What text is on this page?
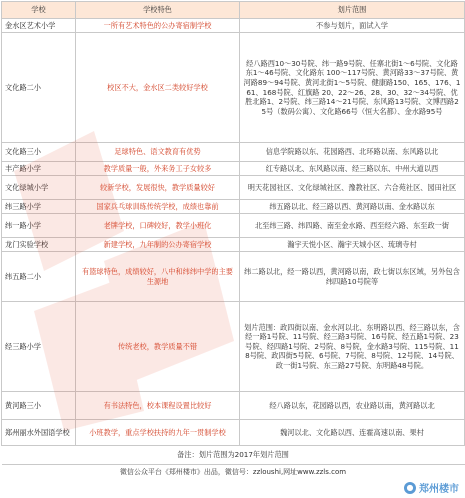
学校	学校特色	划片范围
金水区艺术小学	一所有艺术特色的公办寄宿制学校	不参与划片，面试入学
文化路二小	校区不大，金水区二类较好学校	经八路西10～30号院、纬一路9号院、任寨北街1～6号院、文化路东1～46号院、文化路东 100～117号院、黄河路33～37号院、黄河路89～94号院、黄河北街1～5号院、健康路150、165、176、161、168号院、红旗路 20、22～26、28、30、32～34号院、优胜北路1、2号院、纬三路14～21号院、东风路13号院、文博西路25号（数码公寓）、文化路66号（恒大名都）、金水路95号
文化路三小	足球特色、语文教育有优势	信息学院路以东、花园路西、北环路以南、东风路以北
丰产路小学	教学质量一般，外来务工子女较多	红专路以北、东风路以南、经三路以东、中州大道以西
文化绿城小学	较新学校，发展很快，教学质量较好	明天花园社区、文化绿城社区、豫教社区、六合苑社区、园田社区
纬三路小学	国家兵乓球训练传统学校，成绩也靠前	纬五路以北、经三路以西、黄河路以南、金水路以东
纬一路小学	老牌学校，口碑较好，教学小班化	北至纬三路、纬四路、南至金水路、西至经六路、东至政一街
龙门实验学校	新建学校，九年制的公办寄宿学校	瀚宇天悦小区、瀚宇天城小区、琉璃寺村
纬五路二小	有篮球特色，成绩较好，八中和纬纬中学的主要生源地	纬二路以北，经一路以西，黄河路以南，政七街以东区域，另外包含纬四路10号院等
经三路小学	传统老校，教学质量不错	划片范围：政四街以南、金水河以北、东明路以西、经三路以东，含经一路1号院、11号院、经三路3号院、16号院、经五路1号院、23号院、经四路1号院、2号院、8号院，金水路3号院、115号院、118号院、政四街5号院、6号院、7号院、8号院、12号院、14号院、政一街1号院、东三路27号院、东明路48号院。
黄河路三小	有书法特色，校本课程设置比较好	经八路以东，花园路以西，农业路以南，黄河路以北
郑州丽水外国语学校	小班教学，重点学校扶持的九年一贯制学校	魏河以北、文化路以西、连霍高速以南、果村
备注：划片范围为2017年划片范围		
微信公众平台《郑州楼市》出品，微信号：zzloushi,网址www.zzls.com		
● 郑州楼市
